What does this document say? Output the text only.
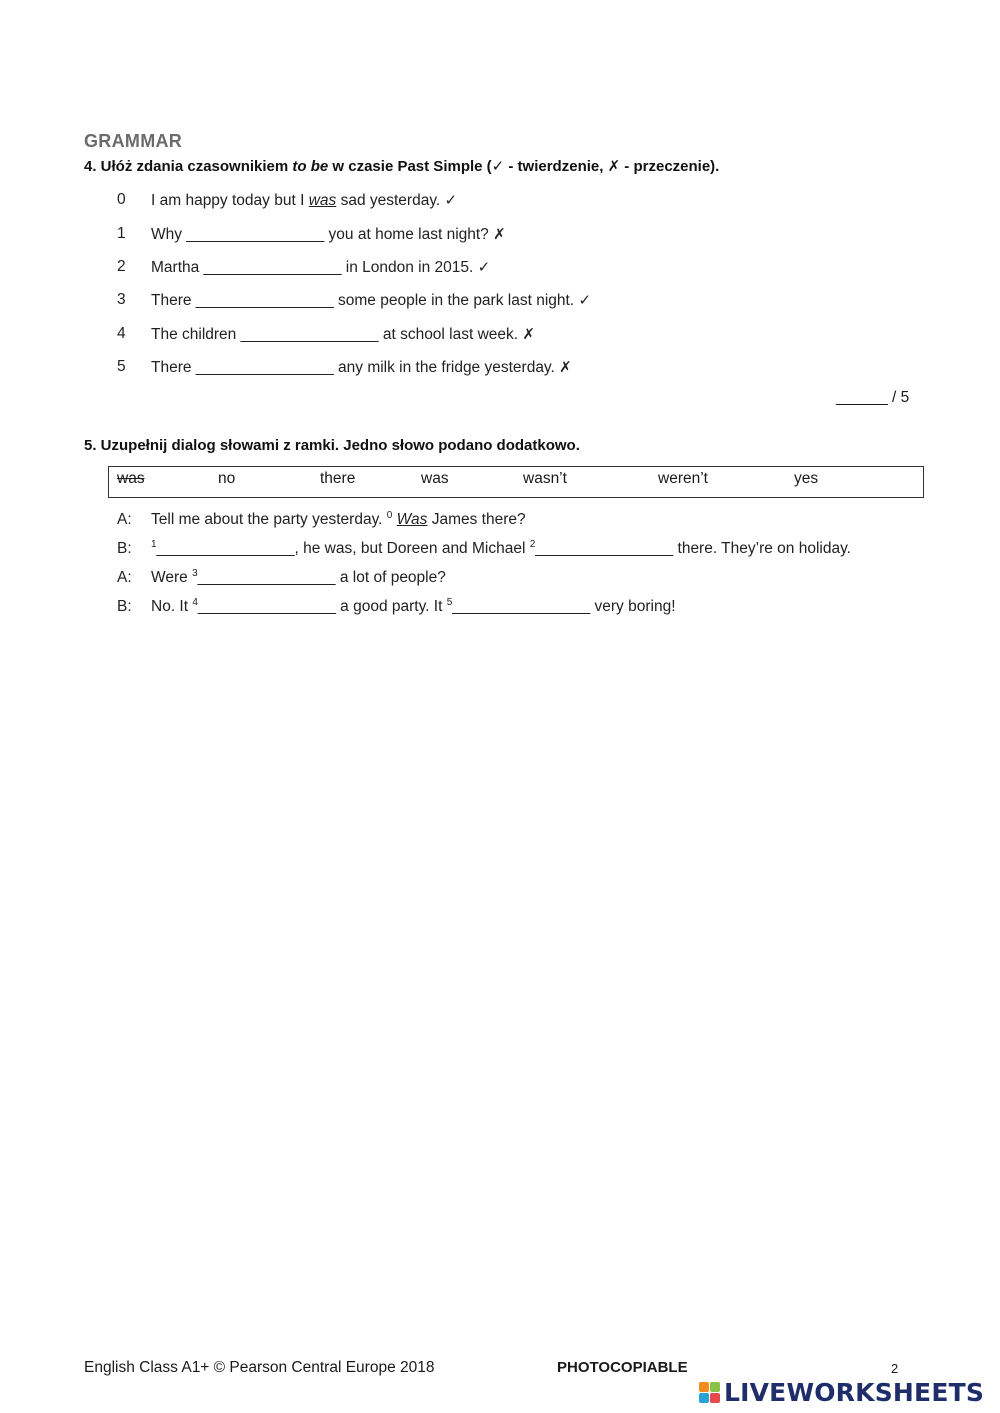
GRAMMAR
4. Ułóż zdania czasownikiem to be w czasie Past Simple (✓ - twierdzenie, ✗ - przeczenie).
0 I am happy today but I was sad yesterday. ✓
1 Why ________________ you at home last night? ✗
2 Martha ________________ in London in 2015. ✓
3 There ________________ some people in the park last night. ✓
4 The children ________________ at school last week. ✗
5 There ________________ any milk in the fridge yesterday. ✗
______ / 5
5. Uzupełnij dialog słowami z ramki. Jedno słowo podano dodatkowo.
was	no	there	was	wasn’t	weren’t	yes
A: Tell me about the party yesterday. $^0$ Was James there?
B: $^1$________________, he was, but Doreen and Michael $^2$________________ there. They’re on holiday.
A: Were $^3$________________ a lot of people?
B: No. It $^4$________________ a good party. It $^5$________________ very boring!
English Class A1+ © Pearson Central Europe 2018	PHOTOCOPIABLE	2
LIVEWORKSHEETS
